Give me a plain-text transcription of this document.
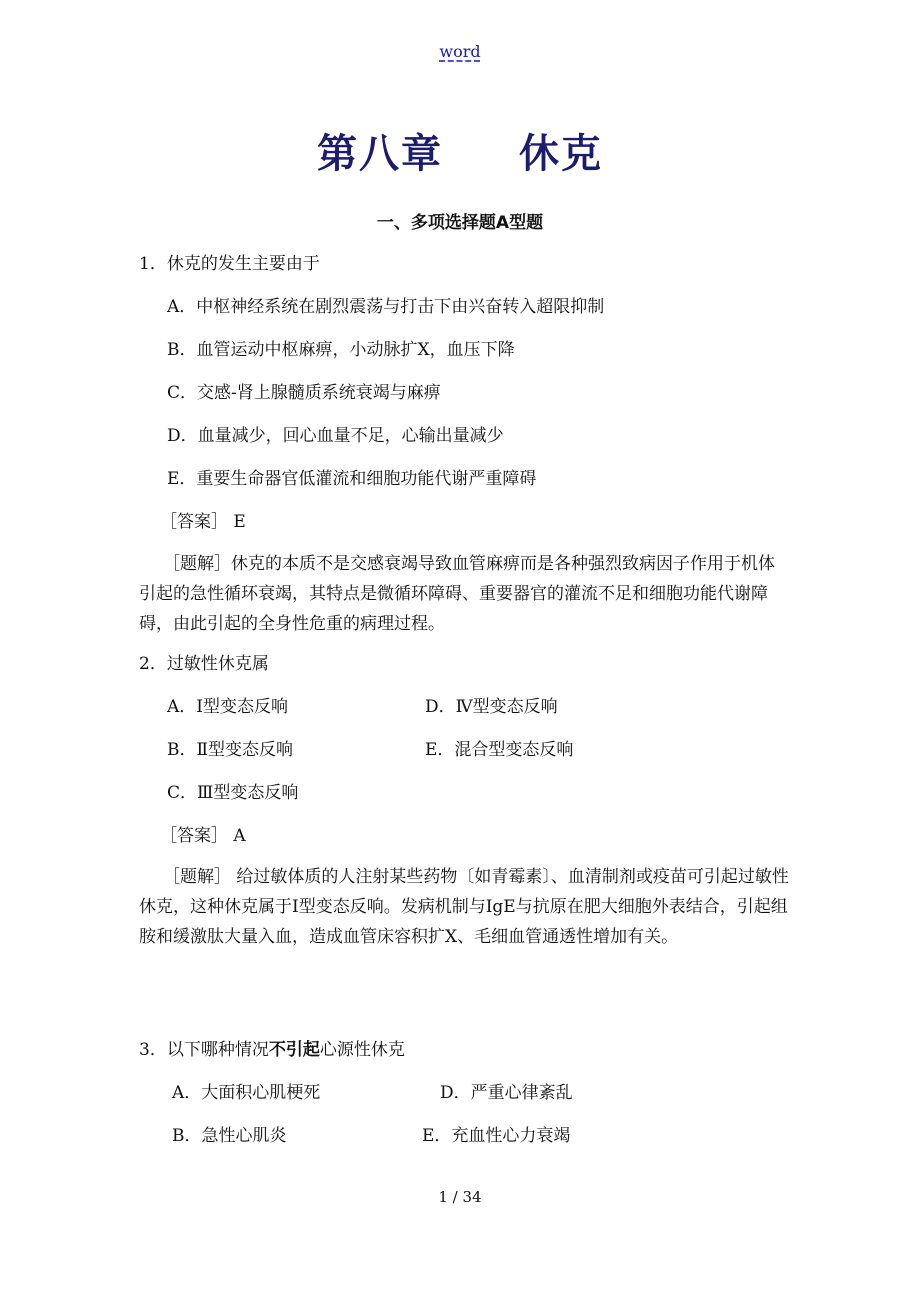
word
第八章 休克
一、多项选择题A型题
1．休克的发生主要由于
A．中枢神经系统在剧烈震荡与打击下由兴奋转入超限抑制
B．血管运动中枢麻痹，小动脉扩X，血压下降
C．交感-肾上腺髓质系统衰竭与麻痹
D．血量减少，回心血量不足，心输出量减少
E．重要生命器官低灌流和细胞功能代谢严重障碍
［答案］ E
［题解］休克的本质不是交感衰竭导致血管麻痹而是各种强烈致病因子作用于机体引起的急性循环衰竭，其特点是微循环障碍、重要器官的灌流不足和细胞功能代谢障碍，由此引起的全身性危重的病理过程。
2．过敏性休克属
A．Ⅰ型变态反响	D．Ⅳ型变态反响
B．Ⅱ型变态反响	E．混合型变态反响
C．Ⅲ型变态反响
［答案］ A
［题解］ 给过敏体质的人注射某些药物〔如青霉素〕、血清制剂或疫苗可引起过敏性休克，这种休克属于I型变态反响。发病机制与IgE与抗原在肥大细胞外表结合，引起组胺和缓激肽大量入血，造成血管床容积扩X、毛细血管通透性增加有关。
3．以下哪种情况不引起心源性休克
A．大面积心肌梗死	D．严重心律紊乱
B．急性心肌炎	E．充血性心力衰竭
1 / 34
